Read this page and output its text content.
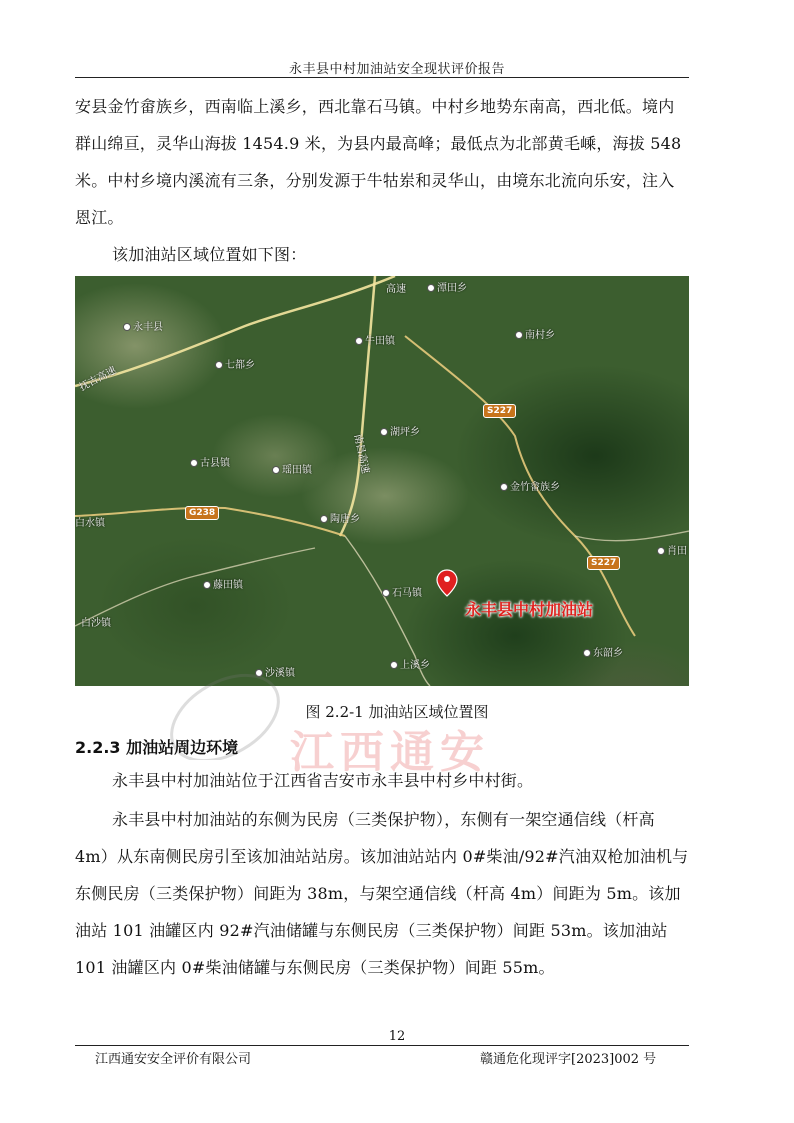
永丰县中村加油站安全现状评价报告
安县金竹畲族乡，西南临上溪乡，西北靠石马镇。中村乡地势东南高，西北低。境内群山绵亘，灵华山海拔 1454.9 米，为县内最高峰；最低点为北部黄毛嵊，海拔 548 米。中村乡境内溪流有三条，分别发源于牛牯岽和灵华山，由境东北流向乐安，注入恩江。
该加油站区域位置如下图：
永丰县
七都乡
牛田镇
潭田乡
南村乡
湖坪乡
古县镇
瑶田镇
金竹畲族乡
白水镇	陶唐乡
肖田
藤田镇
石马镇
白沙镇
东韶乡
沙溪镇
上溪乡
S227
S227
G238
抚吉高速
南昌高速
高速
永丰县中村加油站
图 2.2-1 加油站区域位置图
江西通安
2.2.3 加油站周边环境
永丰县中村加油站位于江西省吉安市永丰县中村乡中村街。
永丰县中村加油站的东侧为民房（三类保护物），东侧有一架空通信线（杆高 4m）从东南侧民房引至该加油站站房。该加油站站内 0#柴油/92#汽油双枪加油机与东侧民房（三类保护物）间距为 38m，与架空通信线（杆高 4m）间距为 5m。该加油站 101 油罐区内 92#汽油储罐与东侧民房（三类保护物）间距 53m。该加油站 101 油罐区内 0#柴油储罐与东侧民房（三类保护物）间距 55m。
12
江西通安安全评价有限公司	赣通危化现评字[2023]002 号
